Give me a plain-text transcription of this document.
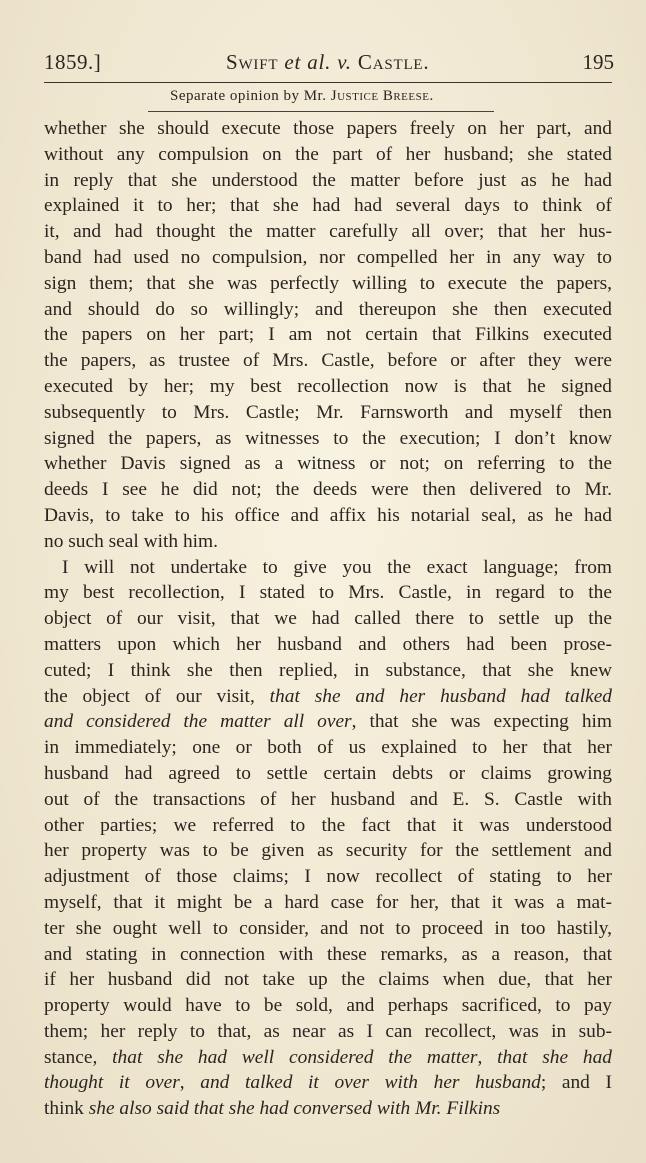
1859.]	Swift et al. v. Castle.	195
Separate opinion by Mr. Justice Breese.
whether she should execute those papers freely on her part, and
without any compulsion on the part of her husband; she stated
in reply that she understood the matter before just as he had
explained it to her; that she had had several days to think of
it, and had thought the matter carefully all over; that her hus-
band had used no compulsion, nor compelled her in any way to
sign them; that she was perfectly willing to execute the papers,
and should do so willingly; and thereupon she then executed
the papers on her part; I am not certain that Filkins executed
the papers, as trustee of Mrs. Castle, before or after they were
executed by her; my best recollection now is that he signed
subsequently to Mrs. Castle; Mr. Farnsworth and myself then
signed the papers, as witnesses to the execution; I don’t know
whether Davis signed as a witness or not; on referring to the
deeds I see he did not; the deeds were then delivered to Mr.
Davis, to take to his office and affix his notarial seal, as he had
no such seal with him.
I will not undertake to give you the exact language; from
my best recollection, I stated to Mrs. Castle, in regard to the
object of our visit, that we had called there to settle up the
matters upon which her husband and others had been prose-
cuted; I think she then replied, in substance, that she knew
the object of our visit, that she and her husband had talked
and considered the matter all over, that she was expecting him
in immediately; one or both of us explained to her that her
husband had agreed to settle certain debts or claims growing
out of the transactions of her husband and E. S. Castle with
other parties; we referred to the fact that it was understood
her property was to be given as security for the settlement and
adjustment of those claims; I now recollect of stating to her
myself, that it might be a hard case for her, that it was a mat-
ter she ought well to consider, and not to proceed in too hastily,
and stating in connection with these remarks, as a reason, that
if her husband did not take up the claims when due, that her
property would have to be sold, and perhaps sacrificed, to pay
them; her reply to that, as near as I can recollect, was in sub-
stance, that she had well considered the matter, that she had
thought it over, and talked it over with her husband; and I
think she also said that she had conversed with Mr. Filkins
